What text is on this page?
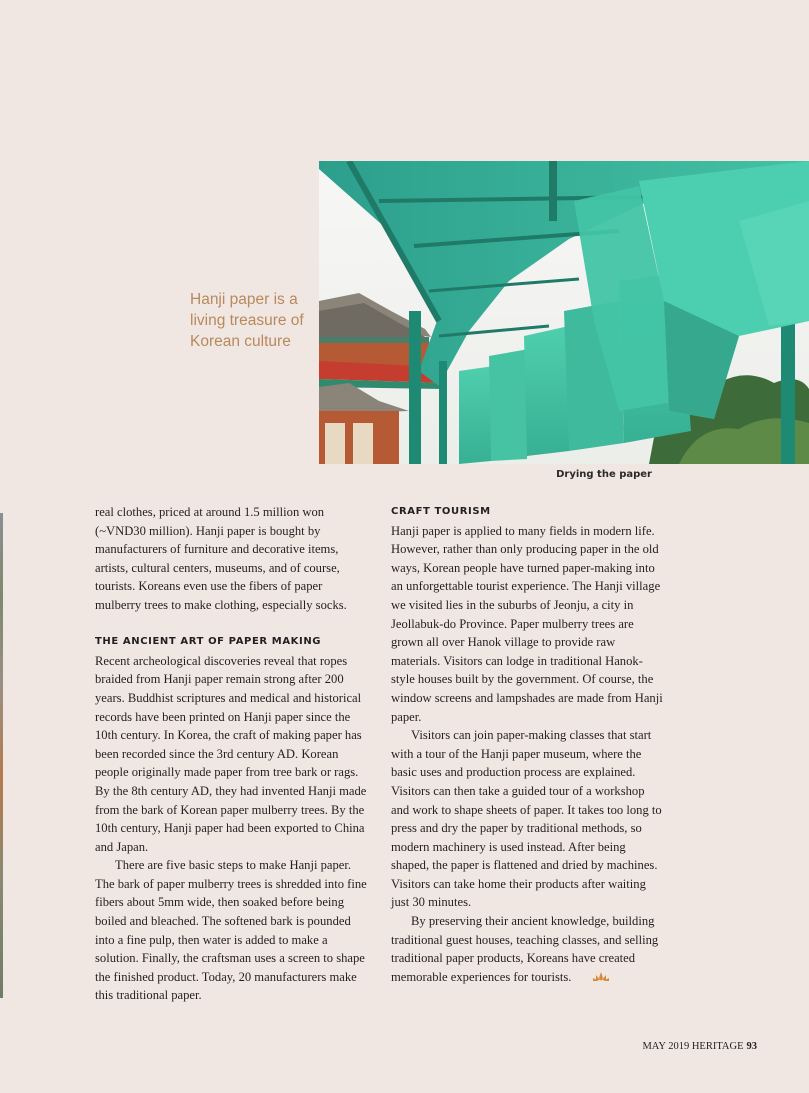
Hanji paper is a living treasure of Korean culture
Drying the paper

real clothes, priced at around 1.5 million won (~VND30 million). Hanji paper is bought by manufacturers of furniture and decorative items, artists, cultural centers, museums, and of course, tourists. Koreans even use the fibers of paper mulberry trees to make clothing, especially socks.

THE ANCIENT ART OF PAPER MAKING

Recent archeological discoveries reveal that ropes braided from Hanji paper remain strong after 200 years. Buddhist scriptures and medical and historical records have been printed on Hanji paper since the 10th century. In Korea, the craft of making paper has been recorded since the 3rd century AD. Korean people originally made paper from tree bark or rags. By the 8th century AD, they had invented Hanji made from the bark of Korean paper mulberry trees. By the 10th century, Hanji paper had been exported to China and Japan.

There are five basic steps to make Hanji paper. The bark of paper mulberry trees is shredded into fine fibers about 5mm wide, then soaked before being boiled and bleached. The softened bark is pounded into a fine pulp, then water is added to make a solution. Finally, the craftsman uses a screen to shape the finished product. Today, 20 manufacturers make this traditional paper.

CRAFT TOURISM

Hanji paper is applied to many fields in modern life. However, rather than only producing paper in the old ways, Korean people have turned paper-making into an unforgettable tourist experience. The Hanji village we visited lies in the suburbs of Jeonju, a city in Jeollabuk-do Province. Paper mulberry trees are grown all over Hanok village to provide raw materials. Visitors can lodge in traditional Hanok-style houses built by the government. Of course, the window screens and lampshades are made from Hanji paper.

Visitors can join paper-making classes that start with a tour of the Hanji paper museum, where the basic uses and production process are explained. Visitors can then take a guided tour of a workshop and work to shape sheets of paper. It takes too long to press and dry the paper by traditional methods, so modern machinery is used instead. After being shaped, the paper is flattened and dried by machines. Visitors can take home their products after waiting just 30 minutes.

By preserving their ancient knowledge, building traditional guest houses, teaching classes, and selling traditional paper products, Koreans have created memorable experiences for tourists.

MAY 2019 HERITAGE 93
